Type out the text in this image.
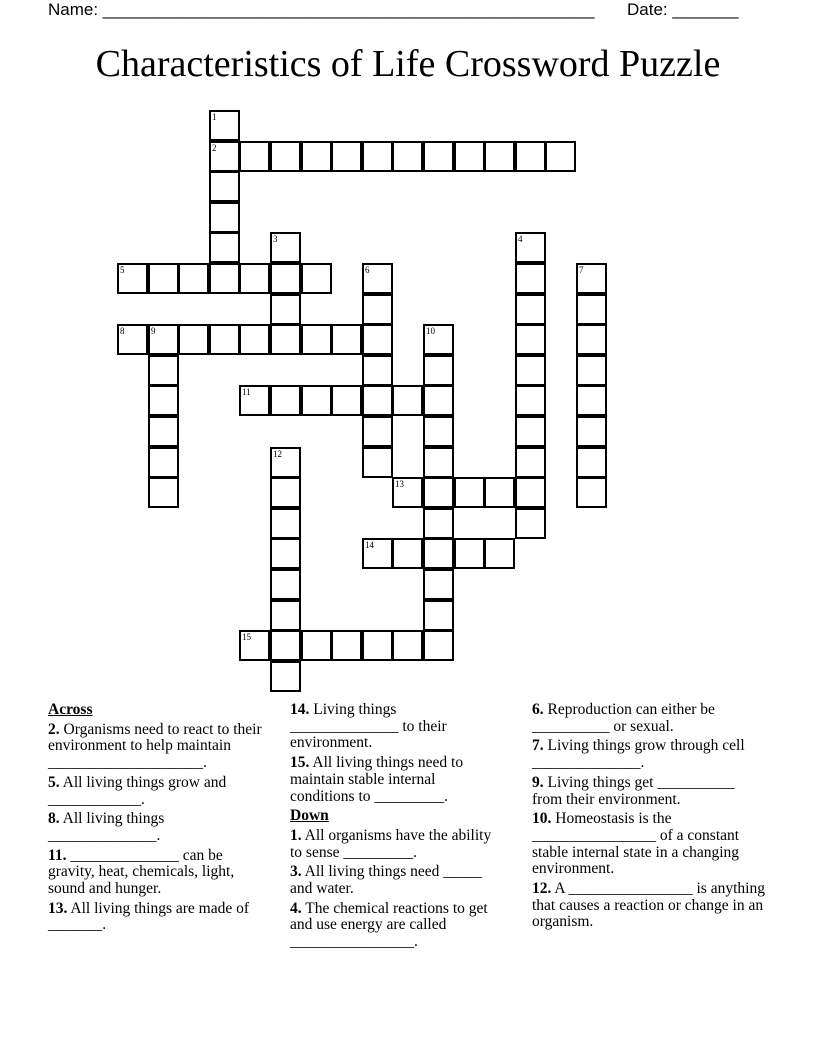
Name: ____________________________________________________ Date: _______
Characteristics of Life Crossword Puzzle
1
2
3	4
5	6	7
8	9	10
11
12
13
14
15

Across

2. Organisms need to react to their environment to help maintain ____________________.

5. All living things grow and ____________.

8. All living things ______________.

11. ______________ can be gravity, heat, chemicals, light, sound and hunger.

13. All living things are made of _______.

14. Living things ______________ to their environment.

15. All living things need to maintain stable internal conditions to _________.

Down

1. All organisms have the ability to sense _________.

3. All living things need _____ and water.

4. The chemical reactions to get and use energy are called ________________.

6. Reproduction can either be __________ or sexual.

7. Living things grow through cell ______________.

9. Living things get __________ from their environment.

10. Homeostasis is the ________________ of a constant stable internal state in a changing environment.

12. A ________________ is anything that causes a reaction or change in an organism.
